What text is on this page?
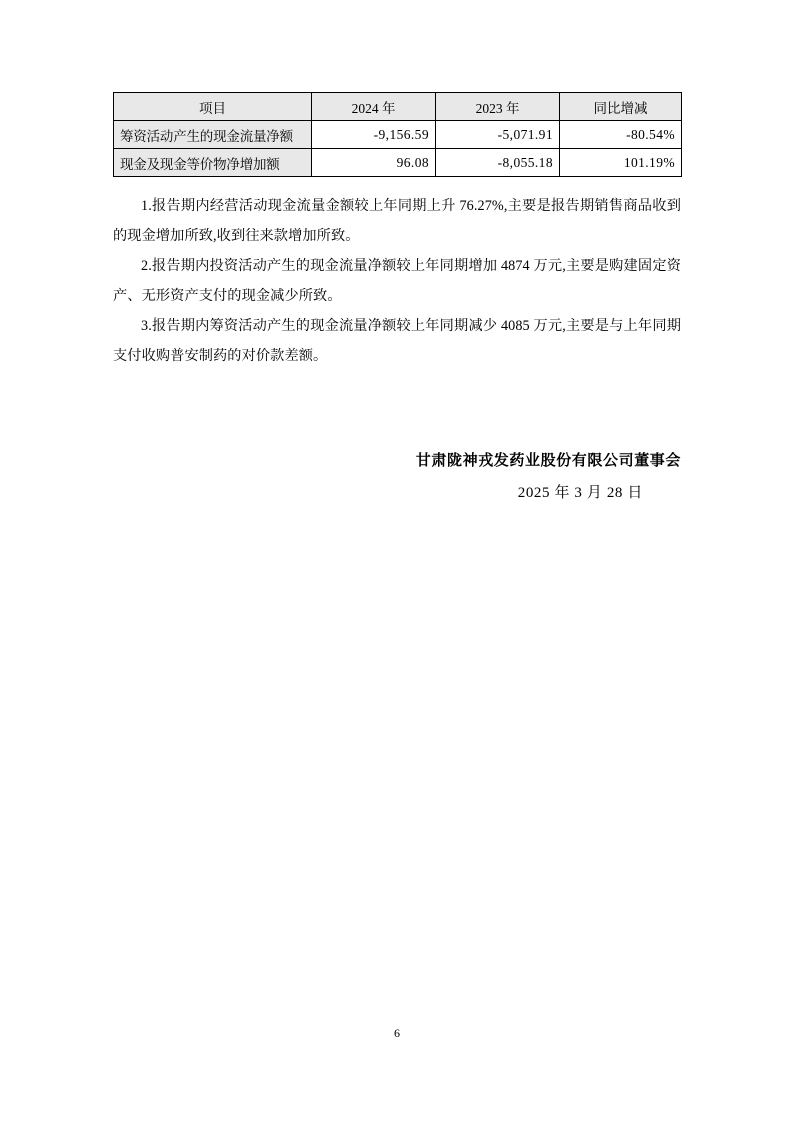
项目	2024 年	2023 年	同比增减
筹资活动产生的现金流量净额	-9,156.59	-5,071.91	-80.54%
现金及现金等价物净增加额	96.08	-8,055.18	101.19%

1.报告期内经营活动现金流量金额较上年同期上升 76.27%,主要是报告期销售商品收到的现金增加所致,收到往来款增加所致。

2.报告期内投资活动产生的现金流量净额较上年同期增加 4874 万元,主要是购建固定资产、无形资产支付的现金减少所致。

3.报告期内筹资活动产生的现金流量净额较上年同期减少 4085 万元,主要是与上年同期支付收购普安制药的对价款差额。

甘肃陇神戎发药业股份有限公司董事会
2025 年 3 月 28 日
6
